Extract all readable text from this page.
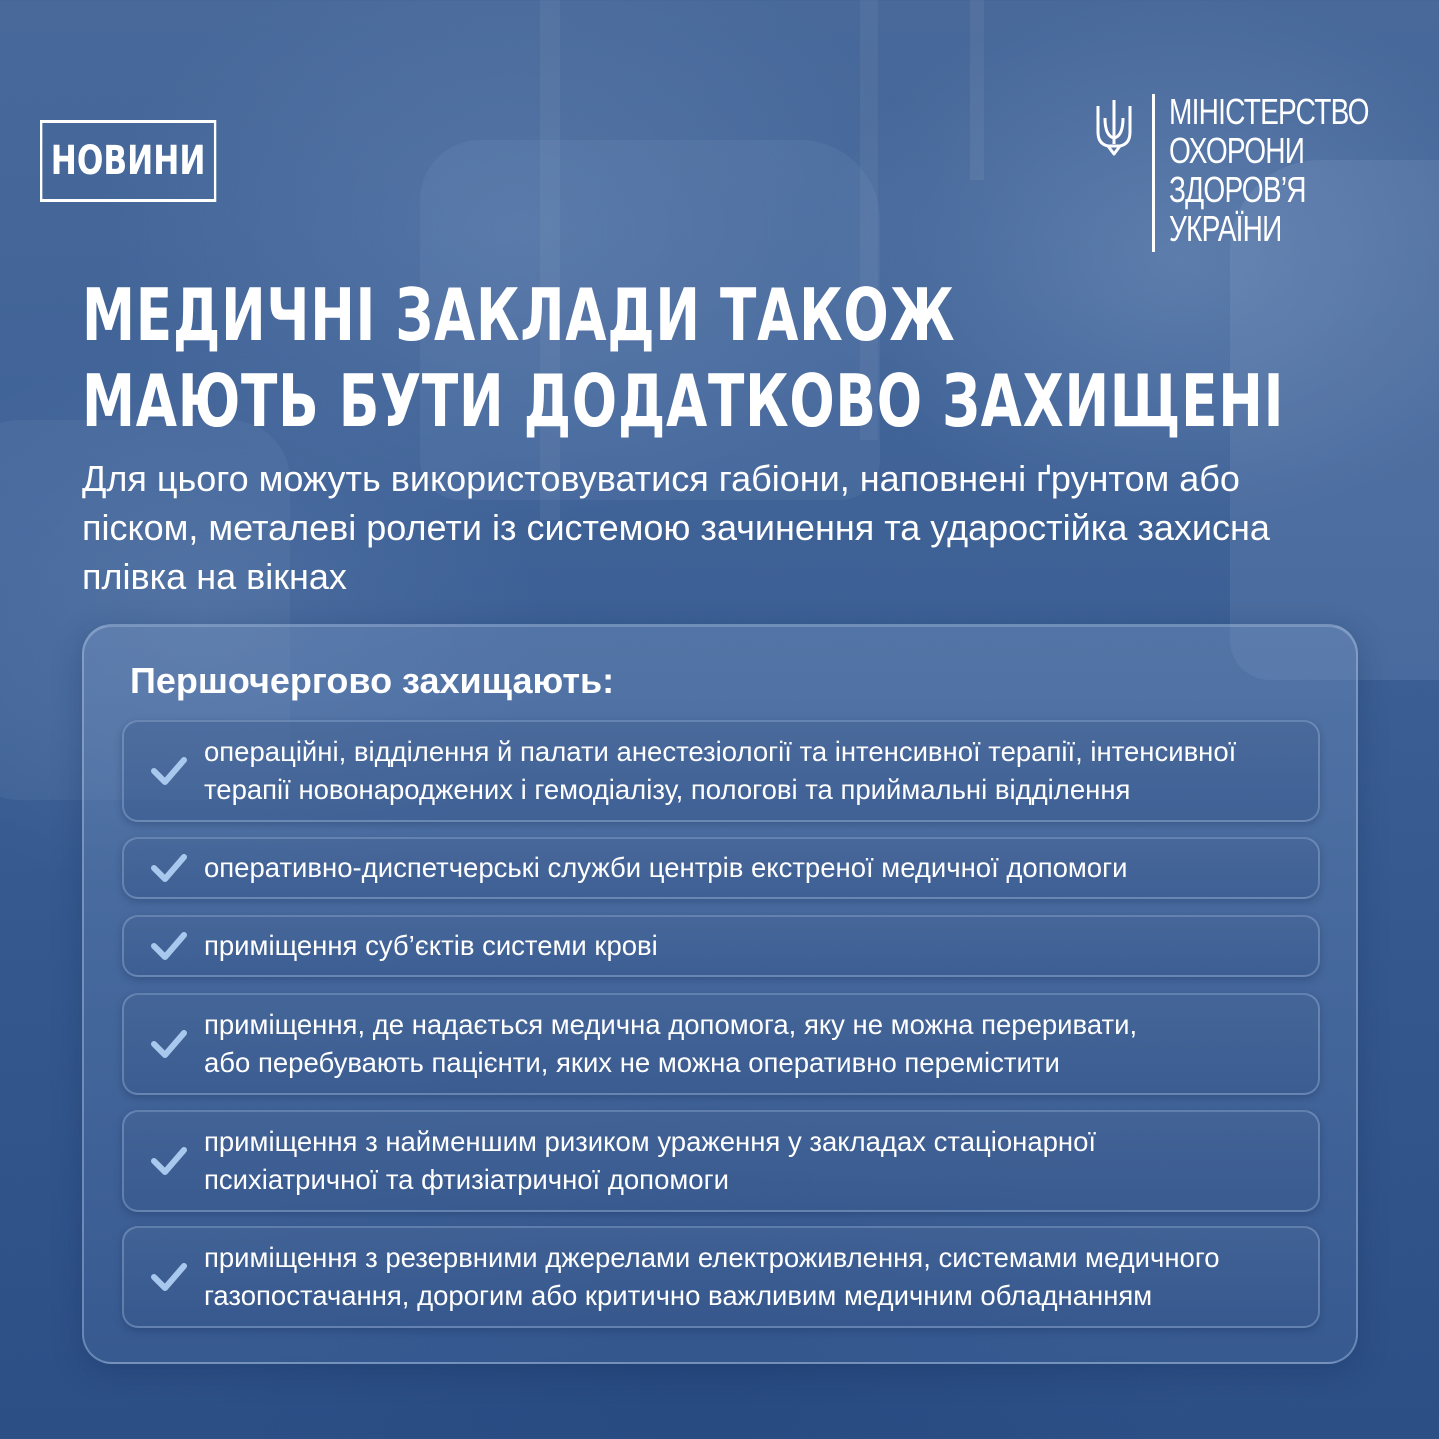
НОВИНИ
МІНІСТЕРСТВО
ОХОРОНИ
ЗДОРОВ’Я
УКРАЇНИ
МЕДИЧНІ ЗАКЛАДИ ТАКОЖ
МАЮТЬ БУТИ ДОДАТКОВО ЗАХИЩЕНІ
Для цього можуть використовуватися габіони, наповнені ґрунтом або піском, металеві ролети із системою зачинення та ударостійка захисна плівка на вікнах
Першочергово захищають:
операційні, відділення й палати анестезіології та інтенсивної терапії, інтенсивної
терапії новонароджених і гемодіалізу, пологові та приймальні відділення
оперативно-диспетчерські служби центрів екстреної медичної допомоги
приміщення суб’єктів системи крові
приміщення, де надається медична допомога, яку не можна переривати,
або перебувають пацієнти, яких не можна оперативно перемістити
приміщення з найменшим ризиком ураження у закладах стаціонарної
психіатричної та фтизіатричної допомоги
приміщення з резервними джерелами електроживлення, системами медичного
газопостачання, дорогим або критично важливим медичним обладнанням
